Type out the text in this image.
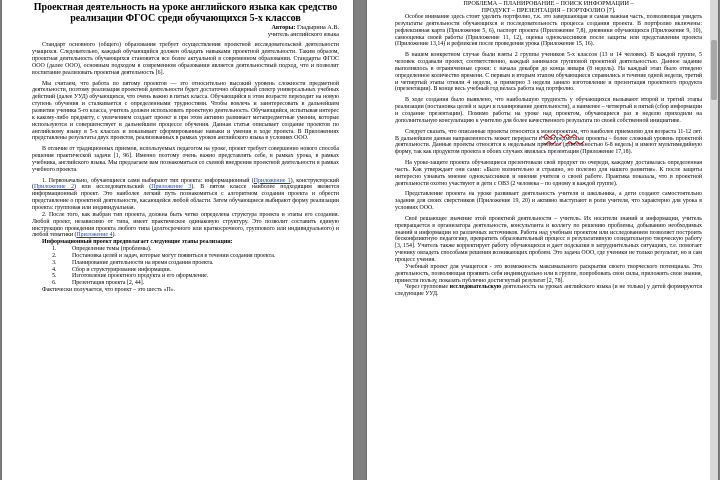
Проектная деятельность на уроке английского языка как средство реализации ФГОС среди обучающихся 5-х классов
Авторы: Гладырина А.В.
учитель английского языка

Стандарт основного (общего) образования требует осуществления проектной исследовательской деятельности учащихся. Следовательно, каждый обучающийся должен обладать навыками проектной деятельности. Таким образом, проектная деятельность обучающихся становится все более актуальной в современном образовании. Стандарты ФГОС ООО (далее ООО), основным подходом в современном образовании является деятельностный подход, что и позволит воспитание реализовать проектная деятельность [6].

Мы считаем, что работа по пятому проектов — это относительно высокий уровень сложности предметной деятельности, поэтому реализация проектной деятельности будет достаточно общирный спектр универсальных учебных действий (далее УУД) обучающихся, что очень важно в пятых класса. Обучающийся в этом возрасте переходит на новую ступень обучения и сталкивается с определенными трудностями. Чтобы вовлечь и заинтересовать в дальнейшем развитии ученика 5-го класса, учитель должен использовать проектную деятельность. Обучающийся, испытывая интерес к какому-либо предмету, с увлечением создает проект и при этом активно развивает метапредметные умения, которые используются и совершенствует в дальнейшем процессе обучения. Данная статья описывает создание проектов по английскому языку в 5-х классах и показывает сформированные навыки и умения в ходе проекта. В Приложениях представлены результаты двух проектов, реализованных в рамках уроков английского языка в условиях ООО.

В отличие от традиционных приемов, используемых педагогом на уроке, проект требует совершенно нового способа решения практической задачи [1, 96]. Именно поэтому очень важно представлять себе, в рамках урока, в рамках учебника, английского языка. Мы предлагаем вам познакомиться со схемой внедрения проектной деятельности в рамках учебного проекта.

1. Первоначально, обучающиеся сами выбирают тип проекта: информационный (Приложение 1), конструкторский (Приложение 2) или исследовательский (Приложение 3). В пятом классе наиболее подходящим является информационный проект. Это наиболее легкий путь познакомиться с алгоритмом создания проекта и обрести представление о проектной деятельности, касающейся любой области. Затем обучающиеся выбирают форму реализации проекта: групповая или индивидуальная.

2. После того, как выбран тип проекта, должна быть четко определена структура проекта и этапы его создания. Любой проект, независимо от типа, имеет практическое одинаковую структуру. Это позволит составить единую инструкцию проведения проекта любого типа (долгосрочного или краткосрочного, группового или индивидуального) и любой тематики (Приложение 4).

Информационный проект предполагает следующие этапы реализации:

1. Определение темы (проблемы).
2. Постановка целей и задач, которые могут появиться в течении создания проекта.
3. Планирование деятельности на время создания проекта.
4. Сбор и структурирование информации.
5. Изготовление проектного продукта и его оформление.
6. Презентация проекта [2, 44].

Фактически получается, что проект – это шесть «П».

ПРОБЛЕМА – ПЛАНИРОВАНИЕ – ПОИСК ИНФОРМАЦИИ –

ПРОДУКТ – ПРЕЗЕНТАЦИЯ – ПОРТФОЛИО [7].

Особое внимание здесь стоит уделить портфолио, т.к. это завершающая и самая важная часть, позволяющая увидеть результаты деятельности обучающихся и последовательность процесса создания проекта. В портфолио включены: рефлексивная карта (Приложение 5, 6), паспорт проекта (Приложение 7,8), дневники обучающихся (Приложение 9, 10), самооценка своей работы (Приложение 11, 12), оценка одноклассников после защиты или представления проекта (Приложение 13,14) и рефлексия после проведения урока (Приложение 15, 16).

В нашем конкретном случае были взяты 2 группы учеников 5-х классов (13 и 14 человек). В каждой группе, 5 человек создавали проект, соответственно, каждый занимался групповой проектной деятельностью. Данное задание выполнялось в ограниченные сроки: с начала декабря до конца января (8 недель). На каждый этап было отведено определенное количество времени. С первым и вторым этапом обучающиеся справились в течение одной недели, третий и четвертый этапы отняли 4 недели, и примерно 3 недели заняло изготовление и презентация проектного продукта (презентации). В конце весь учебный год велась работа над портфолио.

В ходе создания было выявлено, что наибольшую трудность у обучающихся вызывают второй и третий этапы реализации (постановка целей и задач и планирование деятельности), а наименее – четвертый и пятый (сбор информации и создание презентации). Помимо работы на уроке над проектом, обучающиеся раз в неделю приходили на дополнительную консультацию к учителю для более качественного результата по своей собственной инициативе.

Следует сказать, что описанные проекты относятся к монопроектам, что наиболее приемлемо для возраста 11-12 лет. В дальнейшем данная направленность может перерасти в межпредметные проекты – более сложный уровень проектной деятельности. Данные проекты относятся к недельным проектам (длительностью 6-8 недель) и имеют мультимедийную форму, так как продуктом проекта в обоих случаях являлась презентация (Приложение 17,18).

На уроке-защите проекта обучающиеся презентовали свой продукт по очереди, каждому доставалась определенная часть. Как утверждает они сами: «Было волнительно и страшно, но полезно для нашего развития». К после защиты интересно узнавать мнение одноклассников и мнения учителя о своей работе. Практика показала, что в проектной деятельности охотно участвуют и дети с ОВЗ (2 человека – по одному в каждой группе).

Представление проекта на уроке развивает деятельность учителя и школьника, а дети создают самостоятельно задания для своих сверстников (Приложение 19, 20) и активно выступают в роли учителя, что характерно для урока в условиях ООО.

Своё решающее значение этой проектной деятельности – учитель. Их носители знаний и информации, учитель превращается в организатора деятельности, консультанта и коллегу по решению проблемы, добыванию необходимых знаний и информации из различных источников. Работа над учебным проектом или исследованием позволяет построить бесконфликтную педагогику, превратить образовательный процесс в результативную созидательную творческую работу [3, 154]. Учитель также корректирует работу обучающихся и дает подсказки в затруднительных ситуациях, т.е. помогает ученику овладеть способами решения возникающих проблем. Это задача ООО, где ученики не только результат, но и сам процесс учения.

Учебный проект для учащегося - это возможность максимального раскрытия своего творческого потенциала. Это деятельность, позволяющая проявить себя индивидуально или в группе, попробовать свои силы, приложить свои знания, принести пользу, показать публично достигнутый результат [2, 78].

Через групповые исследовательскую деятельность на уроках английского языка (и не только) у детей формируются следующие УУД.
